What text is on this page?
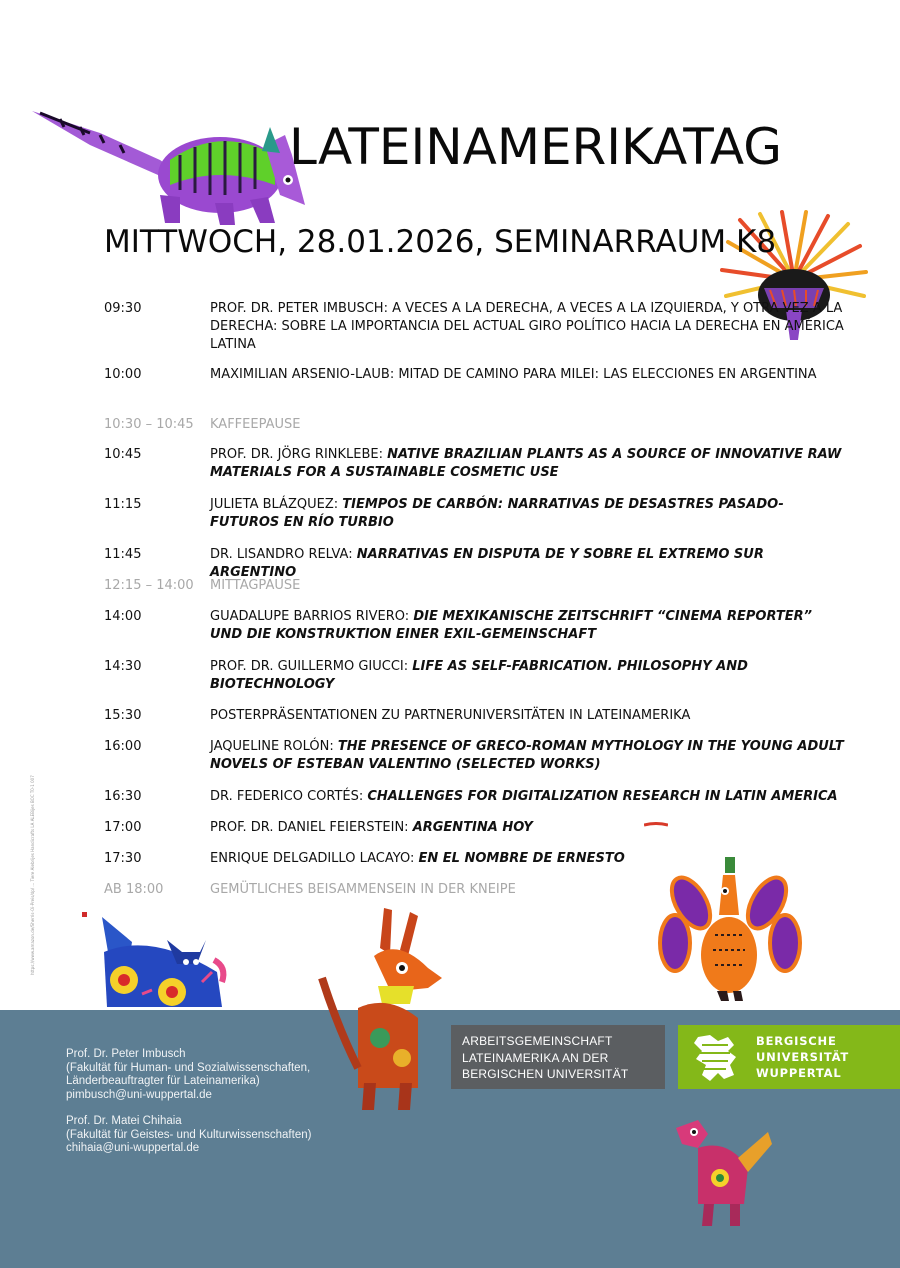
LATEINAMERIKATAG
MITTWOCH, 28.01.2026, SEMINARRAUM K8
09:30	PROF. DR. PETER IMBUSCH: A VECES A LA DERECHA, A VECES A LA IZQUIERDA, Y OTRA VEZ A LA DERECHA: SOBRE LA IMPORTANCIA DEL ACTUAL GIRO POLÍTICO HACIA LA DERECHA EN AMÉRICA LATINA
10:00	MAXIMILIAN ARSENIO-LAUB: MITAD DE CAMINO PARA MILEI: LAS ELECCIONES EN ARGENTINA
10:30 – 10:45	KAFFEEPAUSE
10:45	PROF. DR. JÖRG RINKLEBE: NATIVE BRAZILIAN PLANTS AS A SOURCE OF INNOVATIVE RAW MATERIALS FOR A SUSTAINABLE COSMETIC USE
11:15	JULIETA BLÁZQUEZ: TIEMPOS DE CARBÓN: NARRATIVAS DE DESASTRES PASADO-FUTUROS EN RÍO TURBIO
11:45	DR. LISANDRO RELVA: NARRATIVAS EN DISPUTA DE Y SOBRE EL EXTREMO SUR ARGENTINO
12:15 – 14:00	MITTAGPAUSE
14:00	GUADALUPE BARRIOS RIVERO: DIE MEXIKANISCHE ZEITSCHRIFT “CINEMA REPORTER” UND DIE KONSTRUKTION EINER EXIL-GEMEINSCHAFT
14:30	PROF. DR. GUILLERMO GIUCCI: LIFE AS SELF-FABRICATION. PHILOSOPHY AND BIOTECHNOLOGY
15:30	POSTERPRÄSENTATIONEN ZU PARTNERUNIVERSITÄTEN IN LATEINAMERIKA
16:00	JAQUELINE ROLÓN: THE PRESENCE OF GRECO-ROMAN MYTHOLOGY IN THE YOUNG ADULT NOVELS OF ESTEBAN VALENTINO (SELECTED WORKS)
16:30	DR. FEDERICO CORTÉS: CHALLENGES FOR DIGITALIZATION RESEARCH IN LATIN AMERICA
17:00	PROF. DR. DANIEL FEIERSTEIN: ARGENTINA HOY
17:30	ENRIQUE DELGADILLO LACAYO: EN EL NOMBRE DE ERNESTO
AB 18:00	GEMÜTLICHES BEISAMMENSEIN IN DER KNEIPE
https://www.amazon.de/Sherris-Oi-Preis/dp/ ... Tiere Alebrijes Handicrafts LA ALEBijes BOC T0-1 007
Prof. Dr. Peter Imbusch
(Fakultät für Human- und Sozialwissenschaften,
Länderbeauftragter für Lateinamerika)
pimbusch@uni-wuppertal.de
Prof. Dr. Matei Chihaia
(Fakultät für Geistes- und Kulturwissenschaften)
chihaia@uni-wuppertal.de
ARBEITSGEMEINSCHAFT
LATEINAMERIKA AN DER
BERGISCHEN UNIVERSITÄT
BERGISCHE
UNIVERSITÄT
WUPPERTAL
